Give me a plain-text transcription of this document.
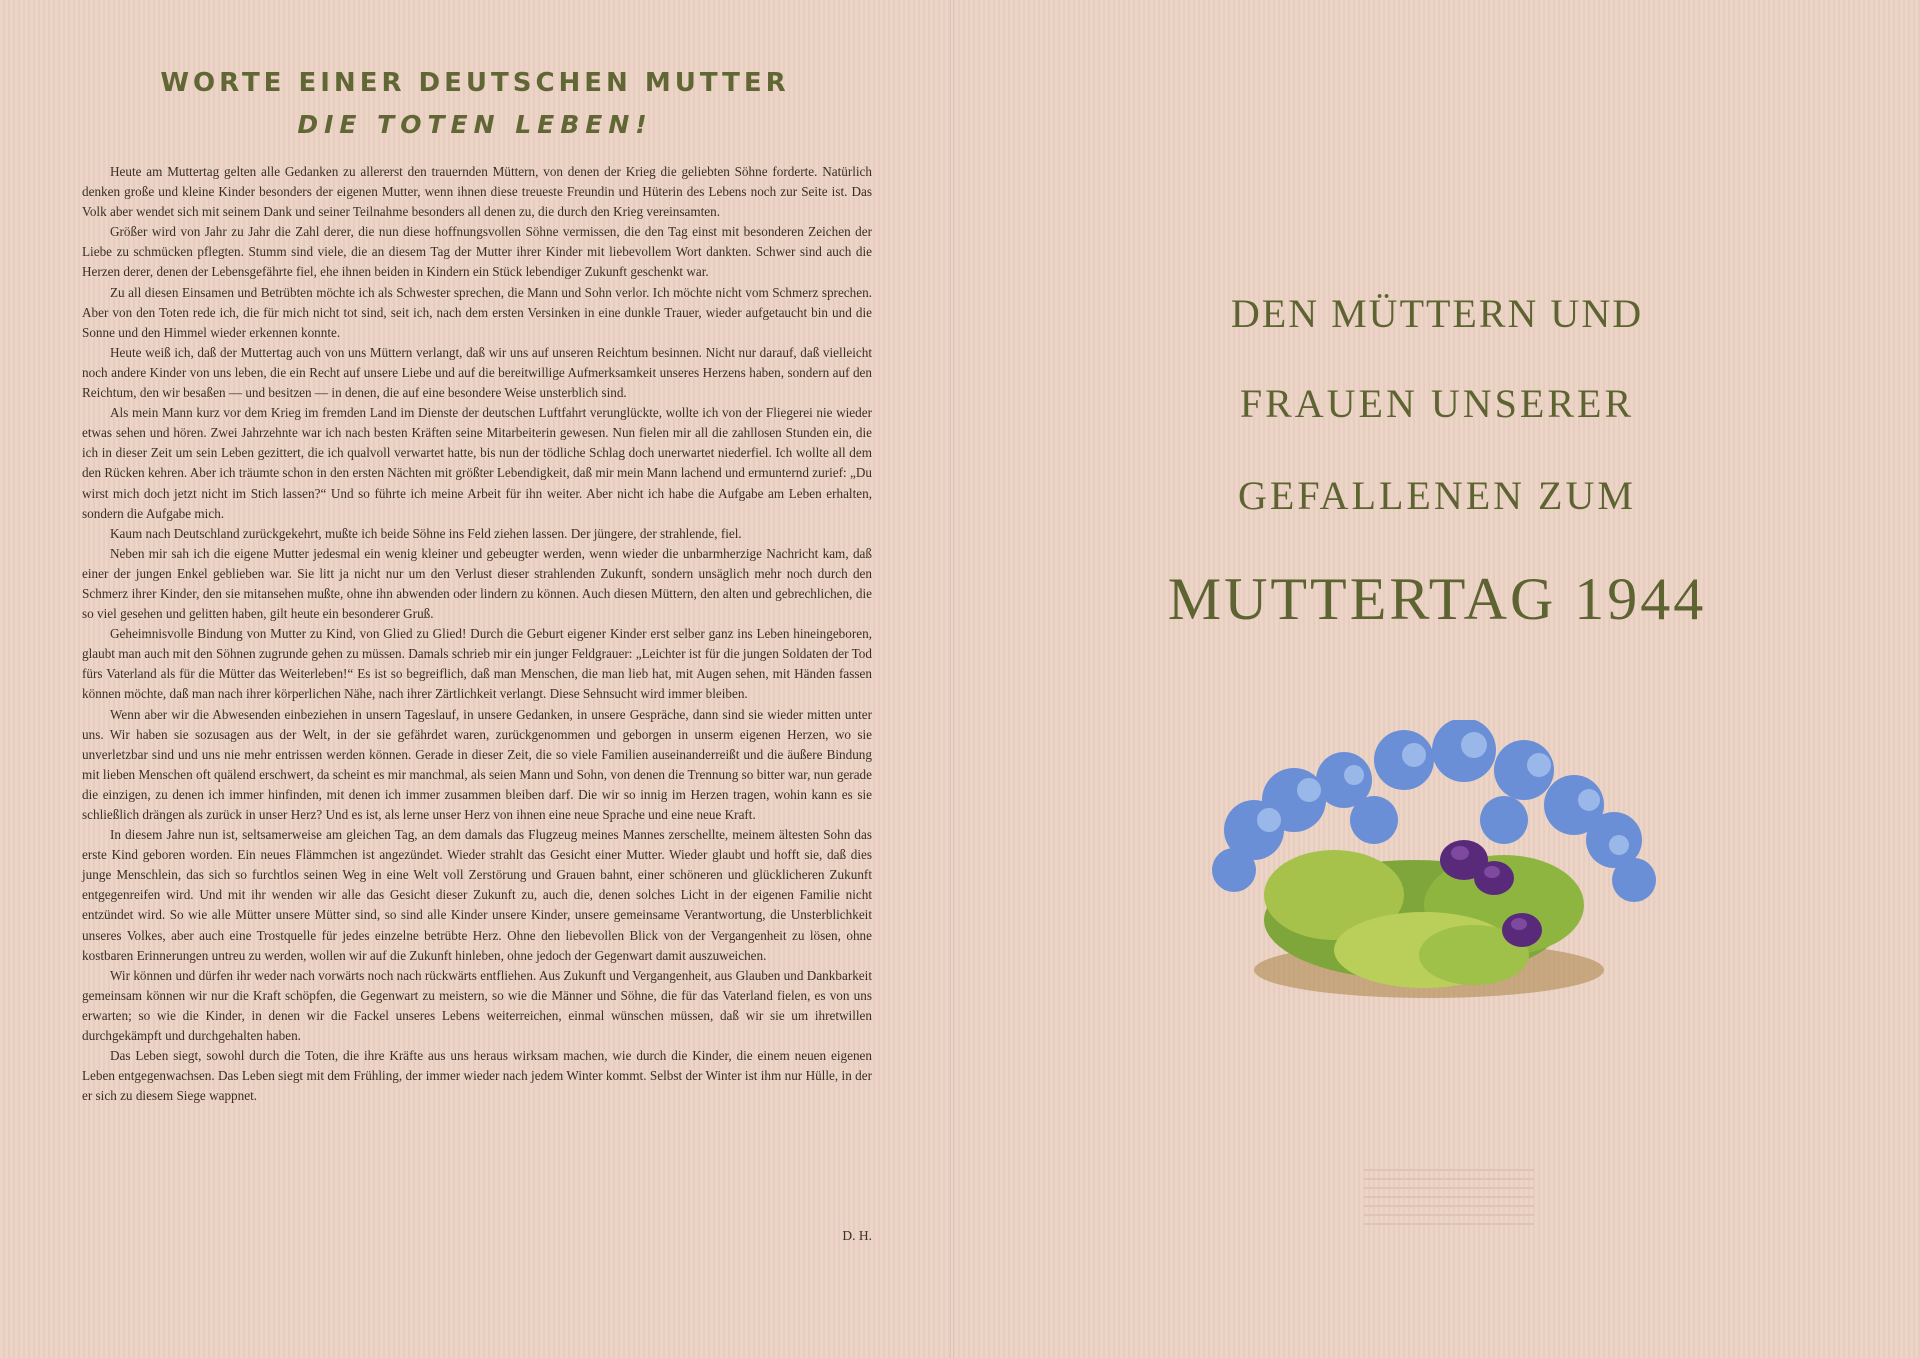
WORTE EINER DEUTSCHEN MUTTER
DIE TOTEN LEBEN!

Heute am Muttertag gelten alle Gedanken zu allererst den trauernden Müttern, von denen der Krieg die geliebten Söhne forderte. Natürlich denken große und kleine Kinder besonders der eigenen Mutter, wenn ihnen diese treueste Freundin und Hüterin des Lebens noch zur Seite ist. Das Volk aber wendet sich mit seinem Dank und seiner Teilnahme besonders all denen zu, die durch den Krieg vereinsamten.

Größer wird von Jahr zu Jahr die Zahl derer, die nun diese hoffnungsvollen Söhne vermissen, die den Tag einst mit besonderen Zeichen der Liebe zu schmücken pflegten. Stumm sind viele, die an diesem Tag der Mutter ihrer Kinder mit liebevollem Wort dankten. Schwer sind auch die Herzen derer, denen der Lebensgefährte fiel, ehe ihnen beiden in Kindern ein Stück lebendiger Zukunft geschenkt war.

Zu all diesen Einsamen und Betrübten möchte ich als Schwester sprechen, die Mann und Sohn verlor. Ich möchte nicht vom Schmerz sprechen. Aber von den Toten rede ich, die für mich nicht tot sind, seit ich, nach dem ersten Versinken in eine dunkle Trauer, wieder aufgetaucht bin und die Sonne und den Himmel wieder erkennen konnte.

Heute weiß ich, daß der Muttertag auch von uns Müttern verlangt, daß wir uns auf unseren Reichtum besinnen. Nicht nur darauf, daß vielleicht noch andere Kinder von uns leben, die ein Recht auf unsere Liebe und auf die bereitwillige Aufmerksamkeit unseres Herzens haben, sondern auf den Reichtum, den wir besaßen — und besitzen — in denen, die auf eine besondere Weise unsterblich sind.

Als mein Mann kurz vor dem Krieg im fremden Land im Dienste der deutschen Luftfahrt verunglückte, wollte ich von der Fliegerei nie wieder etwas sehen und hören. Zwei Jahrzehnte war ich nach besten Kräften seine Mitarbeiterin gewesen. Nun fielen mir all die zahllosen Stunden ein, die ich in dieser Zeit um sein Leben gezittert, die ich qualvoll verwartet hatte, bis nun der tödliche Schlag doch unerwartet niederfiel. Ich wollte all dem den Rücken kehren. Aber ich träumte schon in den ersten Nächten mit größter Lebendigkeit, daß mir mein Mann lachend und ermunternd zurief: „Du wirst mich doch jetzt nicht im Stich lassen?“ Und so führte ich meine Arbeit für ihn weiter. Aber nicht ich habe die Aufgabe am Leben erhalten, sondern die Aufgabe mich.

Kaum nach Deutschland zurückgekehrt, mußte ich beide Söhne ins Feld ziehen lassen. Der jüngere, der strahlende, fiel.

Neben mir sah ich die eigene Mutter jedesmal ein wenig kleiner und gebeugter werden, wenn wieder die unbarmherzige Nachricht kam, daß einer der jungen Enkel geblieben war. Sie litt ja nicht nur um den Verlust dieser strahlenden Zukunft, sondern unsäglich mehr noch durch den Schmerz ihrer Kinder, den sie mitansehen mußte, ohne ihn abwenden oder lindern zu können. Auch diesen Müttern, den alten und gebrechlichen, die so viel gesehen und gelitten haben, gilt heute ein besonderer Gruß.

Geheimnisvolle Bindung von Mutter zu Kind, von Glied zu Glied! Durch die Geburt eigener Kinder erst selber ganz ins Leben hineingeboren, glaubt man auch mit den Söhnen zugrunde gehen zu müssen. Damals schrieb mir ein junger Feldgrauer: „Leichter ist für die jungen Soldaten der Tod fürs Vaterland als für die Mütter das Weiterleben!“ Es ist so begreiflich, daß man Menschen, die man lieb hat, mit Augen sehen, mit Händen fassen können möchte, daß man nach ihrer körperlichen Nähe, nach ihrer Zärtlichkeit verlangt. Diese Sehnsucht wird immer bleiben.

Wenn aber wir die Abwesenden einbeziehen in unsern Tageslauf, in unsere Gedanken, in unsere Gespräche, dann sind sie wieder mitten unter uns. Wir haben sie sozusagen aus der Welt, in der sie gefährdet waren, zurückgenommen und geborgen in unserm eigenen Herzen, wo sie unverletzbar sind und uns nie mehr entrissen werden können. Gerade in dieser Zeit, die so viele Familien auseinanderreißt und die äußere Bindung mit lieben Menschen oft quälend erschwert, da scheint es mir manchmal, als seien Mann und Sohn, von denen die Trennung so bitter war, nun gerade die einzigen, zu denen ich immer hinfinden, mit denen ich immer zusammen bleiben darf. Die wir so innig im Herzen tragen, wohin kann es sie schließlich drängen als zurück in unser Herz? Und es ist, als lerne unser Herz von ihnen eine neue Sprache und eine neue Kraft.

In diesem Jahre nun ist, seltsamerweise am gleichen Tag, an dem damals das Flugzeug meines Mannes zerschellte, meinem ältesten Sohn das erste Kind geboren worden. Ein neues Flämmchen ist angezündet. Wieder strahlt das Gesicht einer Mutter. Wieder glaubt und hofft sie, daß dies junge Menschlein, das sich so furchtlos seinen Weg in eine Welt voll Zerstörung und Grauen bahnt, einer schöneren und glücklicheren Zukunft entgegenreifen wird. Und mit ihr wenden wir alle das Gesicht dieser Zukunft zu, auch die, denen solches Licht in der eigenen Familie nicht entzündet wird. So wie alle Mütter unsere Mütter sind, so sind alle Kinder unsere Kinder, unsere gemeinsame Verantwortung, die Unsterblichkeit unseres Volkes, aber auch eine Trostquelle für jedes einzelne betrübte Herz. Ohne den liebevollen Blick von der Vergangenheit zu lösen, ohne kostbaren Erinnerungen untreu zu werden, wollen wir auf die Zukunft hinleben, ohne jedoch der Gegenwart damit auszuweichen.

Wir können und dürfen ihr weder nach vorwärts noch nach rückwärts entfliehen. Aus Zukunft und Vergangenheit, aus Glauben und Dankbarkeit gemeinsam können wir nur die Kraft schöpfen, die Gegenwart zu meistern, so wie die Männer und Söhne, die für das Vaterland fielen, es von uns erwarten; so wie die Kinder, in denen wir die Fackel unseres Lebens weiterreichen, einmal wünschen müssen, daß wir sie um ihretwillen durchgekämpft und durchgehalten haben.

Das Leben siegt, sowohl durch die Toten, die ihre Kräfte aus uns heraus wirksam machen, wie durch die Kinder, die einem neuen eigenen Leben entgegenwachsen. Das Leben siegt mit dem Frühling, der immer wieder nach jedem Winter kommt. Selbst der Winter ist ihm nur Hülle, in der er sich zu diesem Siege wappnet.

D. H.
DEN MÜTTERN UND
FRAUEN UNSERER
GEFALLENEN ZUM
MUTTERTAG 1944
